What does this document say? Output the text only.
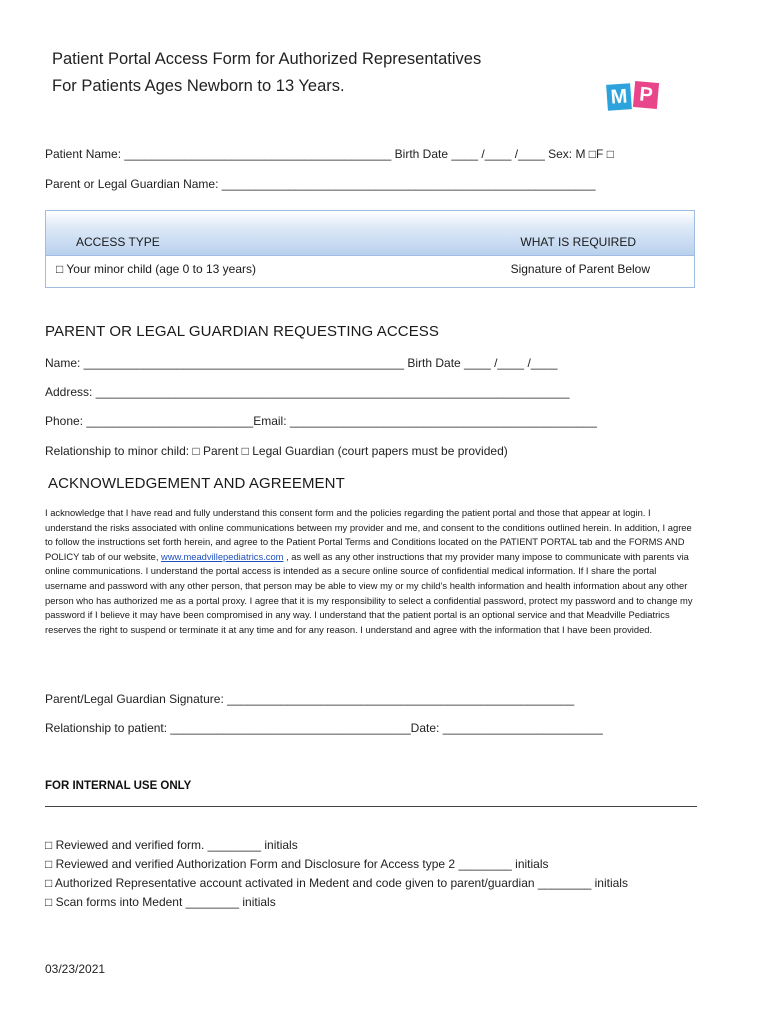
Patient Portal Access Form for Authorized Representatives
For Patients Ages Newborn to 13 Years.	M P
Patient Name: ________________________________________ Birth Date ____ /____ /____ Sex: M □F □
Parent or Legal Guardian Name: ________________________________________________________
ACCESS TYPE	WHAT IS REQUIRED
□ Your minor child (age 0 to 13 years)	Signature of Parent Below
PARENT OR LEGAL GUARDIAN REQUESTING ACCESS
Name: ________________________________________________ Birth Date ____ /____ /____
Address: _______________________________________________________________________
Phone: _________________________Email: ______________________________________________
Relationship to minor child: □ Parent □ Legal Guardian (court papers must be provided)
ACKNOWLEDGEMENT AND AGREEMENT

I acknowledge that I have read and fully understand this consent form and the policies regarding the patient portal and those that appear at login. I understand the risks associated with online communications between my provider and me, and consent to the conditions outlined herein. In addition, I agree to follow the instructions set forth herein, and agree to the Patient Portal Terms and Conditions located on the PATIENT PORTAL tab and the FORMS AND POLICY tab of our website, www.meadvillepediatrics.com , as well as any other instructions that my provider many impose to communicate with parents via online communications. I understand the portal access is intended as a secure online source of confidential medical information. If I share the portal username and password with any other person, that person may be able to view my or my child’s health information and health information about any other person who has authorized me as a portal proxy. I agree that it is my responsibility to select a confidential password, protect my password and to change my password if I believe it may have been compromised in any way. I understand that the patient portal is an optional service and that Meadville Pediatrics reserves the right to suspend or terminate it at any time and for any reason. I understand and agree with the information that I have been provided.

Parent/Legal Guardian Signature: ____________________________________________________
Relationship to patient: ____________________________________Date: ________________________
FOR INTERNAL USE ONLY
□ Reviewed and verified form. ________ initials
□ Reviewed and verified Authorization Form and Disclosure for Access type 2 ________ initials
□ Authorized Representative account activated in Medent and code given to parent/guardian ________ initials
□ Scan forms into Medent ________ initials
03/23/2021
